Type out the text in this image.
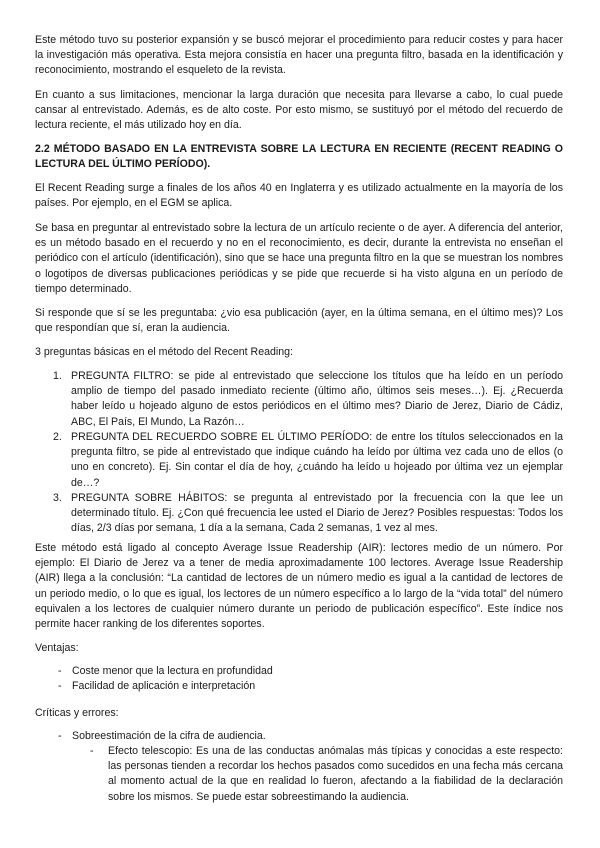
Este método tuvo su posterior expansión y se buscó mejorar el procedimiento para reducir costes y para hacer la investigación más operativa. Esta mejora consistía en hacer una pregunta filtro, basada en la identificación y reconocimiento, mostrando el esqueleto de la revista.

En cuanto a sus limitaciones, mencionar la larga duración que necesita para llevarse a cabo, lo cual puede cansar al entrevistado. Además, es de alto coste. Por esto mismo, se sustituyó por el método del recuerdo de lectura reciente, el más utilizado hoy en día.

2.2 MÉTODO BASADO EN LA ENTREVISTA SOBRE LA LECTURA EN RECIENTE (RECENT READING O LECTURA DEL ÚLTIMO PERÍODO).

El Recent Reading surge a finales de los años 40 en Inglaterra y es utilizado actualmente en la mayoría de los países. Por ejemplo, en el EGM se aplica.

Se basa en preguntar al entrevistado sobre la lectura de un artículo reciente o de ayer. A diferencia del anterior, es un método basado en el recuerdo y no en el reconocimiento, es decir, durante la entrevista no enseñan el periódico con el artículo (identificación), sino que se hace una pregunta filtro en la que se muestran los nombres o logotipos de diversas publicaciones periódicas y se pide que recuerde si ha visto alguna en un período de tiempo determinado.

Si responde que sí se les preguntaba: ¿vio esa publicación (ayer, en la última semana, en el último mes)? Los que respondían que sí, eran la audiencia.

3 preguntas básicas en el método del Recent Reading:

1. PREGUNTA FILTRO: se pide al entrevistado que seleccione los títulos que ha leído en un período amplio de tiempo del pasado inmediato reciente (último año, últimos seis meses…). Ej. ¿Recuerda haber leído u hojeado alguno de estos periódicos en el último mes? Diario de Jerez, Diario de Cádiz, ABC, El País, El Mundo, La Razón…
2. PREGUNTA DEL RECUERDO SOBRE EL ÚLTIMO PERÍODO: de entre los títulos seleccionados en la pregunta filtro, se pide al entrevistado que indique cuándo ha leído por última vez cada uno de ellos (o uno en concreto). Ej. Sin contar el día de hoy, ¿cuándo ha leído u hojeado por última vez un ejemplar de…?
3. PREGUNTA SOBRE HÁBITOS: se pregunta al entrevistado por la frecuencia con la que lee un determinado título. Ej. ¿Con qué frecuencia lee usted el Diario de Jerez? Posibles respuestas: Todos los días, 2/3 días por semana, 1 día a la semana, Cada 2 semanas, 1 vez al mes.

Este método está ligado al concepto Average Issue Readership (AIR): lectores medio de un número. Por ejemplo: El Diario de Jerez va a tener de media aproximadamente 100 lectores. Average Issue Readership (AIR) llega a la conclusión: “La cantidad de lectores de un número medio es igual a la cantidad de lectores de un periodo medio, o lo que es igual, los lectores de un número específico a lo largo de la “vida total” del número equivalen a los lectores de cualquier número durante un periodo de publicación específico”. Este índice nos permite hacer ranking de los diferentes soportes.

Ventajas:

- Coste menor que la lectura en profundidad
- Facilidad de aplicación e interpretación

Críticas y errores:

- Sobreestimación de la cifra de audiencia.
- Efecto telescopio: Es una de las conductas anómalas más típicas y conocidas a este respecto: las personas tienden a recordar los hechos pasados como sucedidos en una fecha más cercana al momento actual de la que en realidad lo fueron, afectando a la fiabilidad de la declaración sobre los mismos. Se puede estar sobreestimando la audiencia.
